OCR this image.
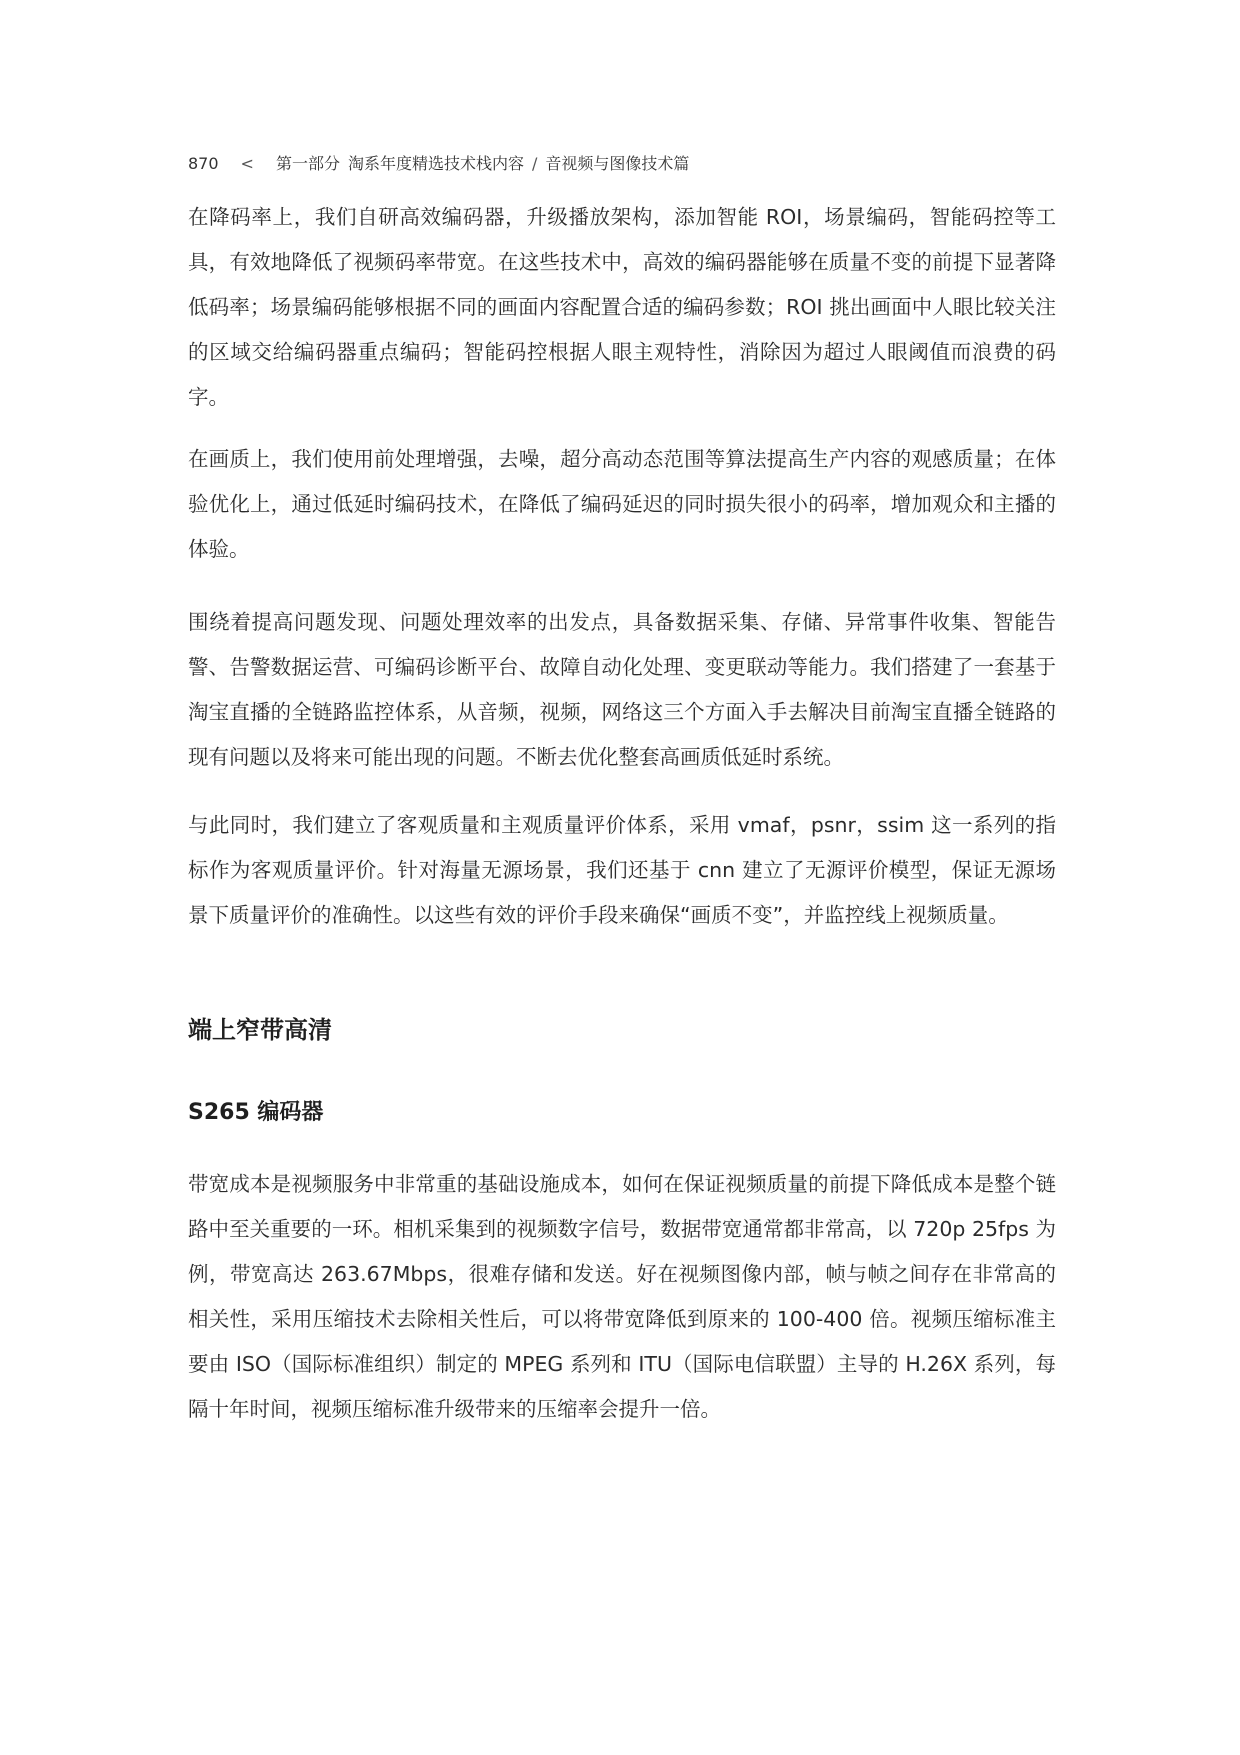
870 < 第一部分 淘系年度精选技术栈内容 / 音视频与图像技术篇

在降码率上，我们自研高效编码器，升级播放架构，添加智能 ROI，场景编码，智能码控等工具，有效地降低了视频码率带宽。在这些技术中，高效的编码器能够在质量不变的前提下显著降低码率；场景编码能够根据不同的画面内容配置合适的编码参数；ROI 挑出画面中人眼比较关注的区域交给编码器重点编码；智能码控根据人眼主观特性，消除因为超过人眼阈值而浪费的码字。

在画质上，我们使用前处理增强，去噪，超分高动态范围等算法提高生产内容的观感质量；在体验优化上，通过低延时编码技术，在降低了编码延迟的同时损失很小的码率，增加观众和主播的体验。

围绕着提高问题发现、问题处理效率的出发点，具备数据采集、存储、异常事件收集、智能告警、告警数据运营、可编码诊断平台、故障自动化处理、变更联动等能力。我们搭建了一套基于淘宝直播的全链路监控体系，从音频，视频，网络这三个方面入手去解决目前淘宝直播全链路的现有问题以及将来可能出现的问题。不断去优化整套高画质低延时系统。

与此同时，我们建立了客观质量和主观质量评价体系，采用 vmaf，psnr，ssim 这一系列的指标作为客观质量评价。针对海量无源场景，我们还基于 cnn 建立了无源评价模型，保证无源场景下质量评价的准确性。以这些有效的评价手段来确保“画质不变”，并监控线上视频质量。

端上窄带高清
S265 编码器

带宽成本是视频服务中非常重的基础设施成本，如何在保证视频质量的前提下降低成本是整个链路中至关重要的一环。相机采集到的视频数字信号，数据带宽通常都非常高，以 720p 25fps 为例，带宽高达 263.67Mbps，很难存储和发送。好在视频图像内部，帧与帧之间存在非常高的相关性，采用压缩技术去除相关性后，可以将带宽降低到原来的 100-400 倍。视频压缩标准主要由 ISO（国际标准组织）制定的 MPEG 系列和 ITU（国际电信联盟）主导的 H.26X 系列，每隔十年时间，视频压缩标准升级带来的压缩率会提升一倍。
